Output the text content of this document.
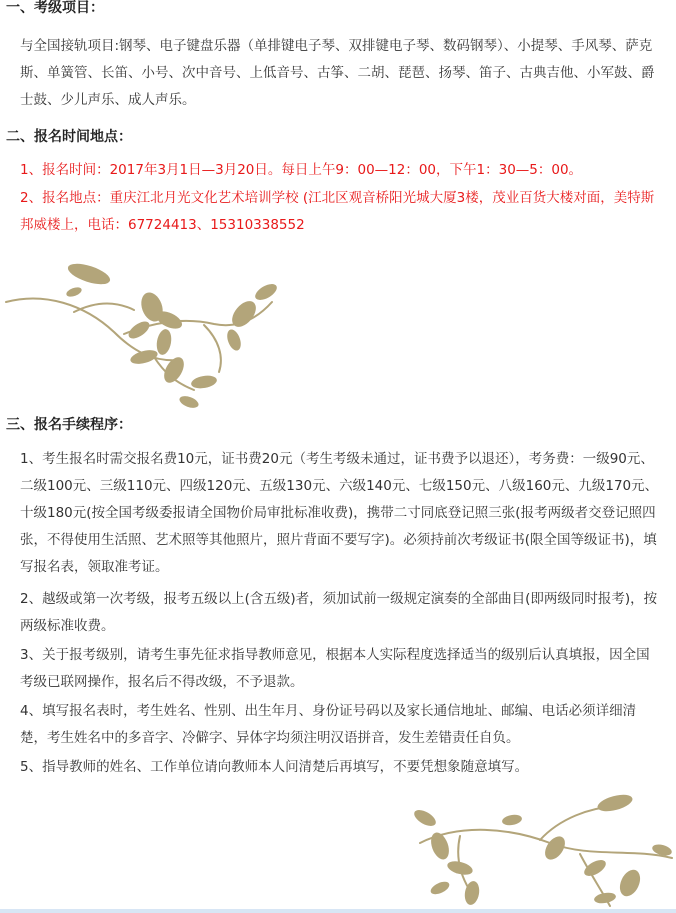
一、考级项目：
与全国接轨项目:钢琴、电子键盘乐器（单排键电子琴、双排键电子琴、数码钢琴）、小提琴、手风琴、萨克斯、单簧管、长笛、小号、次中音号、上低音号、古筝、二胡、琵琶、扬琴、笛子、古典吉他、小军鼓、爵士鼓、少儿声乐、成人声乐。
二、报名时间地点：
1、报名时间：2017年3月1日—3月20日。每日上午9：00—12：00，下午1：30—5：00。
2、报名地点：重庆江北月光文化艺术培训学校 (江北区观音桥阳光城大厦3楼，茂业百货大楼对面，美特斯邦威楼上，电话：67724413、15310338552
三、报名手续程序：
1、考生报名时需交报名费10元，证书费20元（考生考级未通过，证书费予以退还），考务费：一级90元、二级100元、三级110元、四级120元、五级130元、六级140元、七级150元、八级160元、九级170元、十级180元(按全国考级委报请全国物价局审批标准收费)，携带二寸同底登记照三张(报考两级者交登记照四张，不得使用生活照、艺术照等其他照片，照片背面不要写字)。必须持前次考级证书(限全国等级证书)，填写报名表，领取准考证。
2、越级或第一次考级，报考五级以上(含五级)者，须加试前一级规定演奏的全部曲目(即两级同时报考)，按两级标准收费。
3、关于报考级别，请考生事先征求指导教师意见，根据本人实际程度选择适当的级别后认真填报，因全国考级已联网操作，报名后不得改级，不予退款。
4、填写报名表时，考生姓名、性别、出生年月、身份证号码以及家长通信地址、邮编、电话必须详细清楚，考生姓名中的多音字、冷僻字、异体字均须注明汉语拼音，发生差错责任自负。
5、指导教师的姓名、工作单位请向教师本人问清楚后再填写，不要凭想象随意填写。
